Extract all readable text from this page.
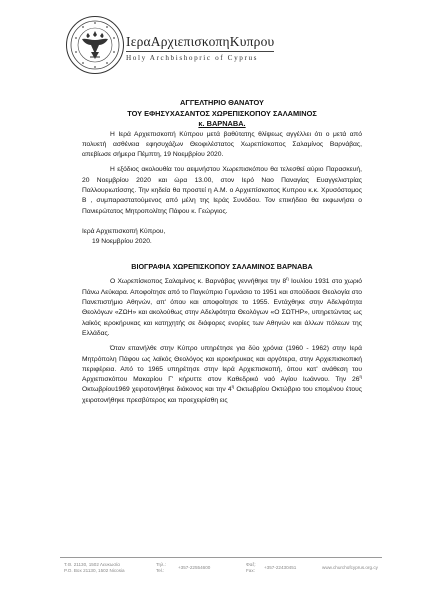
ΙεραΑρχιεπισκοπηΚυπρου
Holy Archbishopric of Cyprus
ΑΓΓΕΛΤΗΡΙΟ ΘΑΝΑΤΟΥ
ΤΟΥ ΕΦΗΣΥΧΑΣΑΝΤΟΣ ΧΩΡΕΠΙΣΚΟΠΟΥ ΣΑΛΑΜΙΝΟΣ
κ. ΒΑΡΝΑΒΑ.

Η Ιερά Αρχιεπισκοπή Κύπρου μετά βαθύτατης θλίψεως αγγέλλει ότι ο μετά από πολυετή ασθένεια εφησυχάζων Θεοφιλέστατος Χωρεπίσκοπος Σαλαμίνος Βαρνάβας, απεβίωσε σήμερα Πέμπτη, 19 Νοεμβρίου 2020.

Η εξόδιος ακολουθία του αειμνήστου Χωρεπισκόπου θα τελεσθεί αύριο Παρασκευή, 20 Νοεμβρίου 2020 και ώρα 13.00, στον Ιερό Ναο Παναγίας Ευαγγελιστρίας Παλλουριωτίσσης. Την κηδεία θα προστεί η Α.Μ. ο Αρχιεπίσκοπος Κυπρου κ.κ. Χρυσόστομος Β , συμπαραστατούμενος από μέλη της Ιεράς Συνόδου. Τον επικήδειο θα εκφωνήσει ο Πανιερώτατος Μητροπολίτης Πάφου κ. Γεώργιος.

Ιερά Αρχιεπισκοπή Κύπρου,

19 Νοεμβρίου 2020.

ΒΙΟΓΡΑΦΙΑ ΧΩΡΕΠΙΣΚΟΠΟΥ ΣΑΛΑΜΙΝΟΣ ΒΑΡΝΑΒΑ

Ο Χωρεπίσκοπος Σαλαμίνος κ. Βαρνάβας γεννήθηκε την $8^\eta$ Ιουλίου 1931 στο χωριό Πάνω Λεύκαρα. Αποφοίτησε από το Παγκύπριο Γυμνάσιο το 1951 και σπούδασε Θεολογία στο Πανεπιστήμιο Αθηνών, απ' όπου και αποφοίτησε το 1955. Εντάχθηκε στην Αδελφότητα Θεολόγων «ΖΩΗ» και ακολούθως στην Αδελφότητα Θεολόγων «Ο ΣΩΤΗΡ», υπηρετώντας ως λαϊκός ιεροκήρυκας και κατηχητής σε διάφορες ενορίες των Αθηνών και άλλων πόλεων της Ελλάδας.

Όταν επανήλθε στην Κύπρο υπηρέτησε για δύο χρόνια (1960 - 1962) στην Ιερά Μητρόπολη Πάφου ως λαϊκός Θεολόγος και ιεροκήρυκας και αργότερα, στην Αρχιεπισκοπική περιφέρεια. Από το 1965 υπηρέτησε στην Ιερά Αρχιεπισκοπή, όπου κατ' ανάθεση του Αρχιεπισκόπου Μακαρίου Γ' κήρυττε στον Καθεδρικό ναό Αγίου Ιωάννου. Την $26^\eta$ Οκτωβρίου1969 χειροτονήθηκε διάκονος και την $4^\eta$ Οκτωβρίου Οκτώβριο του επομένου έτους χειροτονήθηκε πρεσβύτερος και προεχειρίσθη εις

Τ.Θ. 21130, 1502 Λευκωσία
P.O. Box 21130, 1502 Nicosia
Τηλ.:
Tel.:
+357-22554600
Φαξ:
Fax:
+357-22430451	www.churchofcyprus.org.cy
